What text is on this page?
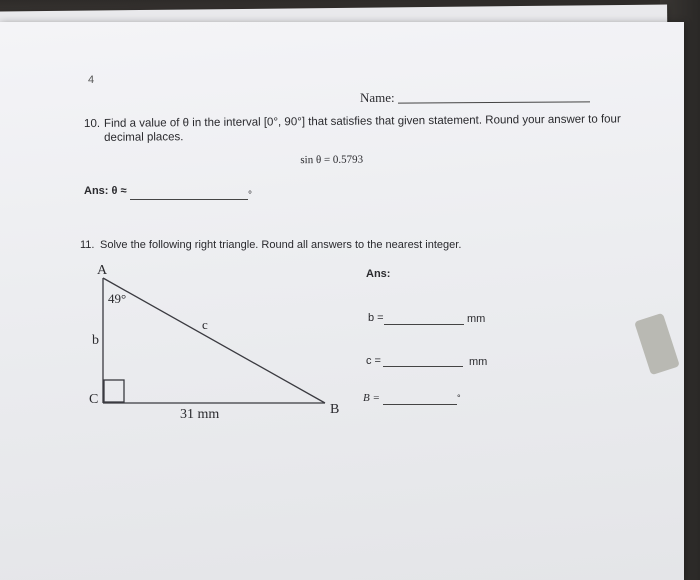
4
Name:
10. Find a value of θ in the interval [0°, 90°] that satisfies that given statement. Round your answer to four
decimal places.
sin θ = 0.5793
Ans: θ ≈	°
11. Solve the following right triangle. Round all answers to the nearest integer.
Ans:
b =	mm
c =	mm
B =	°
A
C
B
49°
b
c
31 mm
